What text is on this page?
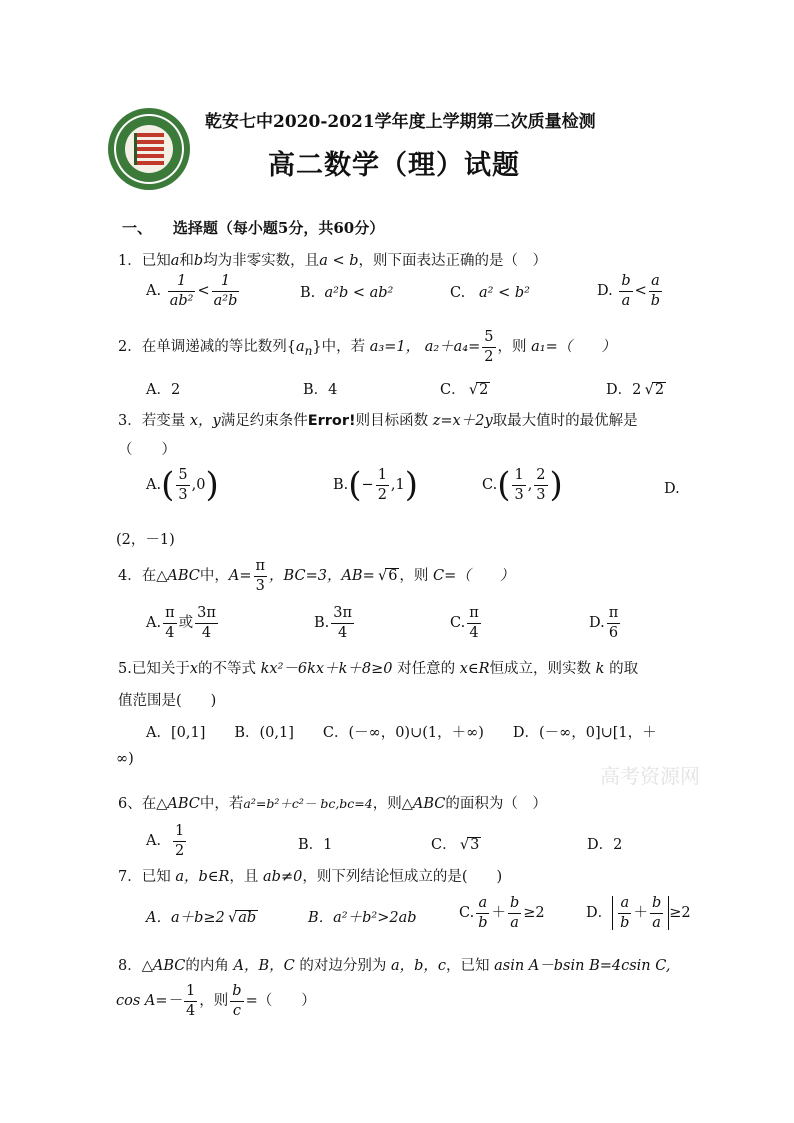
乾安七中2020-2021学年度上学期第二次质量检测
高二数学（理）试题
一、 选择题（每小题5分，共60分）
1．已知a和b均为非零实数，且a < b，则下面表达正确的是（　）
A. $\frac{1}{\text{ab²}} < \frac{1}{\text{a²b}}$	B. a²b < ab²	C. a² < b²	D. $\frac{b}{a} < \frac{a}{b}$
2．在单调递减的等比数列$\{a_n\}$中，若 a₃=1， $a_2+a_4= \frac{5}{2}$ ，则 a₁=（　　）
A．2	B．4	C． √ 2	D．2 √ 2
3．若变量 x，y满足约束条件Error!则目标函数 z=x＋2y取最大值时的最优解是
（　　）
$A.( \frac{5}{3} ,0)$	$B.(- \frac{1}{2} ,1)$	$C.( \frac{1}{3}$ , $\frac{2}{3}$ )	D.
(2，－1)
4．在△ABC中，$A= \frac{\pi}{3}$ ，BC=3，AB= √ 6 ，则 C=（　　）
A. $\frac{\pi}{4}$ 或 $\frac{3\pi}{4}$	B. $\frac{3\pi}{4}$	C. $\frac{\pi}{4}$	D. $\frac{\pi}{6}$
5.已知关于x的不等式 kx²－6kx＋k＋8≥0 对任意的 x∈R恒成立，则实数 k 的取
值范围是(　　)
A．[0,1]　　B．(0,1]　　C．(－∞，0)∪(1，＋∞)　　D．(－∞，0]∪[1，＋
∞)
高考资源网
6、在△ABC中，若a²=b²＋c²－ bc,bc=4，则△ABC的面积为（　）
A． $\frac{1}{2}$	B．1	C． √ 3	D．2
7．已知 a，b∈R，且 ab≠0，则下列结论恒成立的是(　　)
A．a＋b≥2 √ ab	B．a²＋b²>2ab	C. $\frac{a}{b} + \frac{b}{a} \ge 2$	D． $\frac{a}{b} + \frac{b}{a} \ge 2$
8．△ABC的内角 A，B，C 的对边分别为 a，b，c，已知 asin A－bsin B=4csin C,
$\cos A=- \frac{1}{4}$ ，则 $\frac{b}{c}$ =（　　）
